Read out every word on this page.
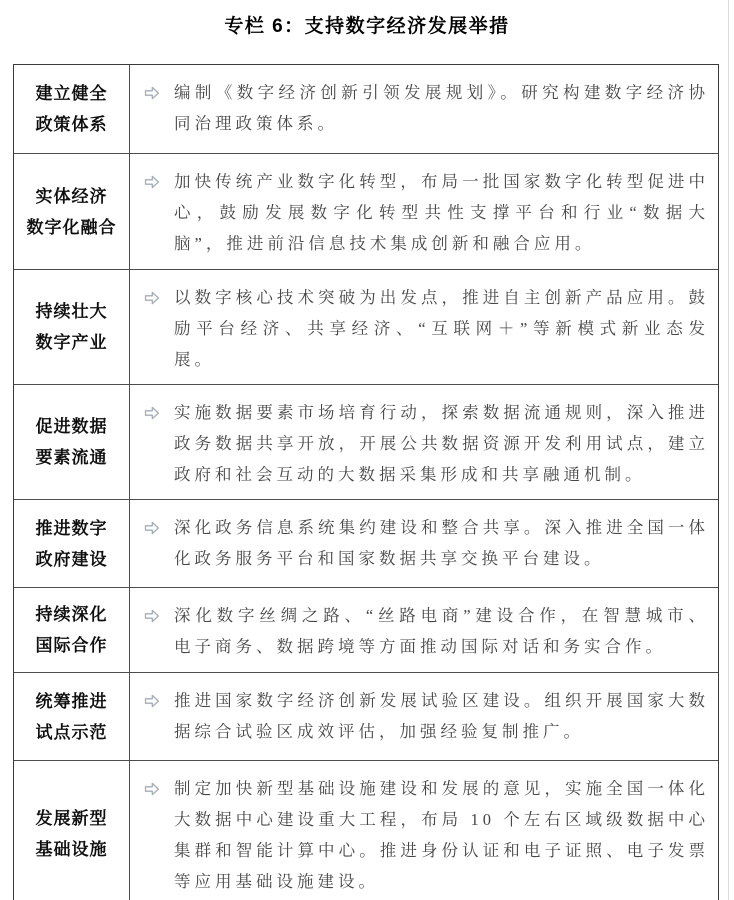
专栏 6：支持数字经济发展举措
建立健全
政策体系

编制《数字经济创新引领发展规划》。研究构建数字经济协同治理政策体系。

实体经济
数字化融合

加快传统产业数字化转型，布局一批国家数字化转型促进中心，鼓励发展数字化转型共性支撑平台和行业“数据大脑”，推进前沿信息技术集成创新和融合应用。

持续壮大
数字产业

以数字核心技术突破为出发点，推进自主创新产品应用。鼓励平台经济、共享经济、“互联网＋”等新模式新业态发展。

促进数据
要素流通

实施数据要素市场培育行动，探索数据流通规则，深入推进政务数据共享开放，开展公共数据资源开发利用试点，建立政府和社会互动的大数据采集形成和共享融通机制。

推进数字
政府建设

深化政务信息系统集约建设和整合共享。深入推进全国一体化政务服务平台和国家数据共享交换平台建设。

持续深化
国际合作

深化数字丝绸之路、“丝路电商”建设合作，在智慧城市、电子商务、数据跨境等方面推动国际对话和务实合作。

统筹推进
试点示范

推进国家数字经济创新发展试验区建设。组织开展国家大数据综合试验区成效评估，加强经验复制推广。

发展新型
基础设施

制定加快新型基础设施建设和发展的意见，实施全国一体化大数据中心建设重大工程，布局 10 个左右区域级数据中心集群和智能计算中心。推进身份认证和电子证照、电子发票等应用基础设施建设。
